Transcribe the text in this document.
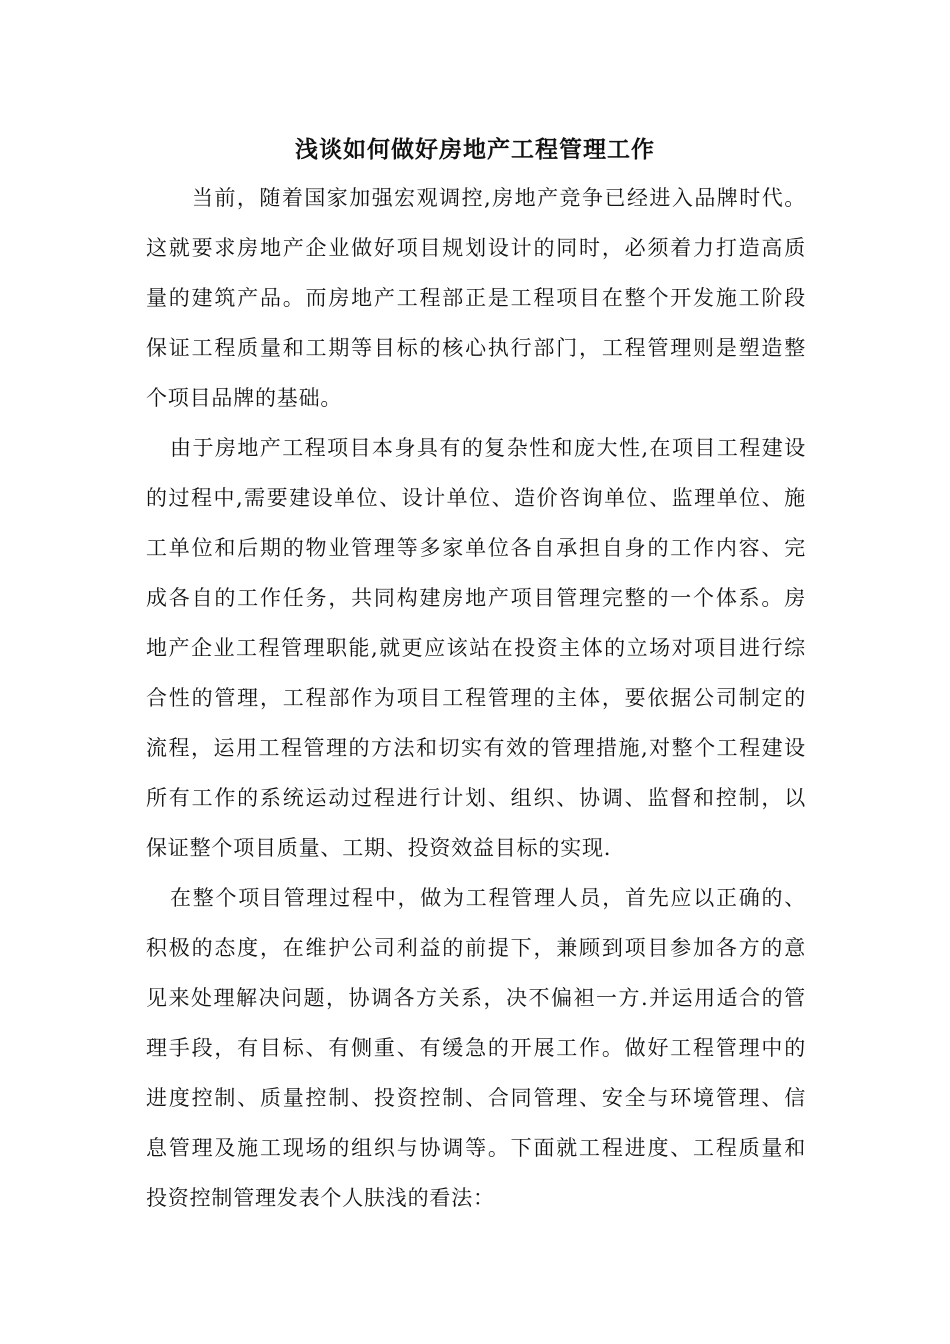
浅谈如何做好房地产工程管理工作

当前，随着国家加强宏观调控,房地产竞争已经进入品牌时代。

这就要求房地产企业做好项目规划设计的同时，必须着力打造高质

量的建筑产品。而房地产工程部正是工程项目在整个开发施工阶段

保证工程质量和工期等目标的核心执行部门，工程管理则是塑造整

个项目品牌的基础。

由于房地产工程项目本身具有的复杂性和庞大性,在项目工程建设

的过程中,需要建设单位、设计单位、造价咨询单位、监理单位、施

工单位和后期的物业管理等多家单位各自承担自身的工作内容、完

成各自的工作任务，共同构建房地产项目管理完整的一个体系。房

地产企业工程管理职能,就更应该站在投资主体的立场对项目进行综

合性的管理，工程部作为项目工程管理的主体，要依据公司制定的

流程，运用工程管理的方法和切实有效的管理措施,对整个工程建设

所有工作的系统运动过程进行计划、组织、协调、监督和控制，以

保证整个项目质量、工期、投资效益目标的实现.

在整个项目管理过程中，做为工程管理人员，首先应以正确的、

积极的态度，在维护公司利益的前提下，兼顾到项目参加各方的意

见来处理解决问题，协调各方关系，决不偏袒一方.并运用适合的管

理手段，有目标、有侧重、有缓急的开展工作。做好工程管理中的

进度控制、质量控制、投资控制、合同管理、安全与环境管理、信

息管理及施工现场的组织与协调等。下面就工程进度、工程质量和

投资控制管理发表个人肤浅的看法：
